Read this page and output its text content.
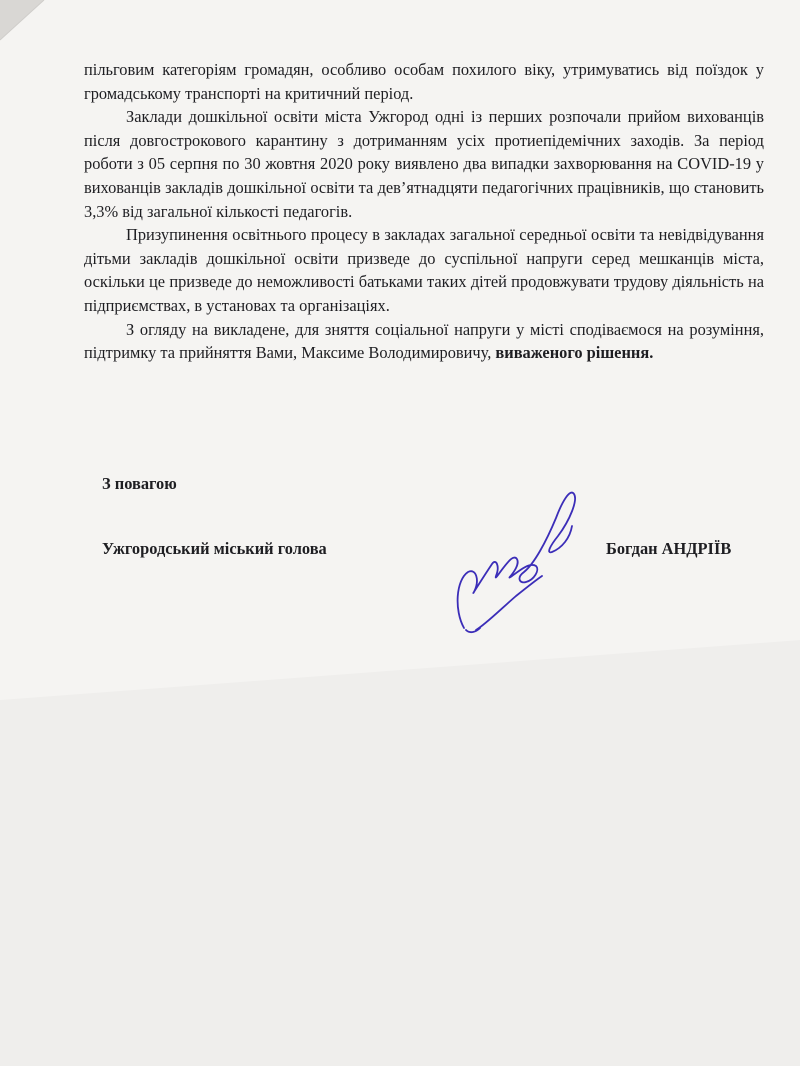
пільговим категоріям громадян, особливо особам похилого віку, утримуватись від поїздок у громадському транспорті на критичний період.

Заклади дошкільної освіти міста Ужгород одні із перших розпочали прийом вихованців після довгострокового карантину з дотриманням усіх протиепідемічних заходів. За період роботи з 05 серпня по 30 жовтня 2020 року виявлено два випадки захворювання на COVID-19 у вихованців закладів дошкільної освіти та дев’ятнадцяти педагогічних працівників, що становить 3,3% від загальної кількості педагогів.

Призупинення освітнього процесу в закладах загальної середньої освіти та невідвідування дітьми закладів дошкільної освіти призведе до суспільної напруги серед мешканців міста, оскільки це призведе до неможливості батьками таких дітей продовжувати трудову діяльність на підприємствах, в установах та організаціях.

З огляду на викладене, для зняття соціальної напруги у місті сподіваємося на розуміння, підтримку та прийняття Вами, Максиме Володимировичу, виваженого рішення.

З повагою
Ужгородський міський голова	Богдан АНДРІЇВ
